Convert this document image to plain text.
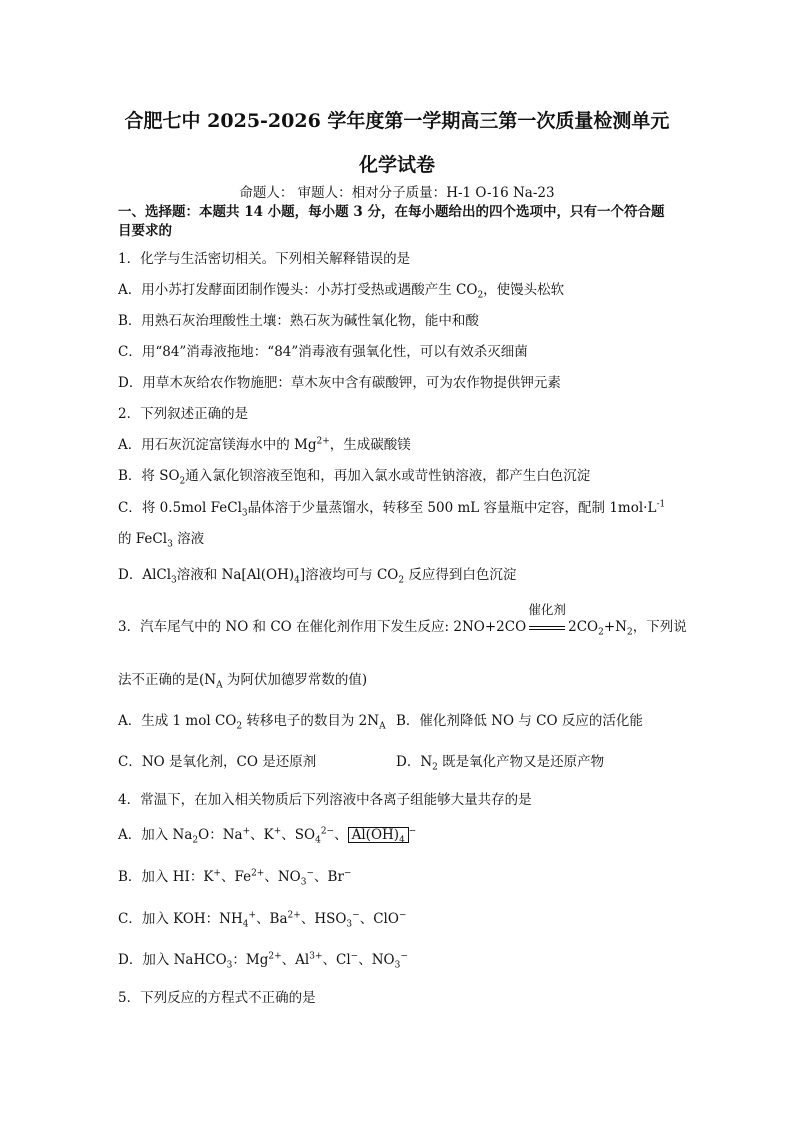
合肥七中 2025-2026 学年度第一学期高三第一次质量检测单元
化学试卷
命题人： 审题人：相对分子质量：H-1 O-16 Na-23
一、选择题：本题共 14 小题，每小题 3 分，在每小题给出的四个选项中，只有一个符合题
目要求的
1．化学与生活密切相关。下列相关解释错误的是
A．用小苏打发酵面团制作馒头：小苏打受热或遇酸产生 $CO_2$，使馒头松软
B．用熟石灰治理酸性土壤：熟石灰为碱性氧化物，能中和酸
C．用“84”消毒液拖地：“84”消毒液有强氧化性，可以有效杀灭细菌
D．用草木灰给农作物施肥：草木灰中含有碳酸钾，可为农作物提供钾元素
2．下列叙述正确的是
A．用石灰沉淀富镁海水中的 $Mg^{2+}$，生成碳酸镁
B．将 $SO_2$通入氯化钡溶液至饱和，再加入氯水或苛性钠溶液，都产生白色沉淀
C．将 0.5mol FeCl$_3$晶体溶于少量蒸馏水，转移至 500 mL 容量瓶中定容，配制 $1mol\cdot L^{-1}$
的 FeCl$_3$ 溶液
D．AlCl$_3$溶液和 $Na[Al(OH)_4]$溶液均可与 $CO_2$ 反应得到白色沉淀
3．汽车尾气中的 NO 和 CO 在催化剂作用下发生反应: 2NO+2CO
催化剂
$2CO_2+N_2$，下列说
法不正确的是($N_A$ 为阿伏加德罗常数的值)
A．生成 1 mol $CO_2$ 转移电子的数目为 $2N_A$ B．催化剂降低 NO 与 CO 反应的活化能
C．NO 是氧化剂，CO 是还原剂	D．$N_2$ 既是氧化产物又是还原产物
4．常温下，在加入相关物质后下列溶液中各离子组能够大量共存的是
A．加入 $Na_2O$：Na+、K+、$SO_4^{2-}$、 $Al(OH)_4^-$
B．加入 HI：K+、$Fe^{2+}$、$NO_3^-$、Br−
C．加入 KOH：$NH_4^+$、$Ba^{2+}$、$HSO_3^-$、ClO−
D．加入 NaHCO$_3$：$Mg^{2+}$、$Al^{3+}$、Cl−、$NO_3^-$
5．下列反应的方程式不正确的是
